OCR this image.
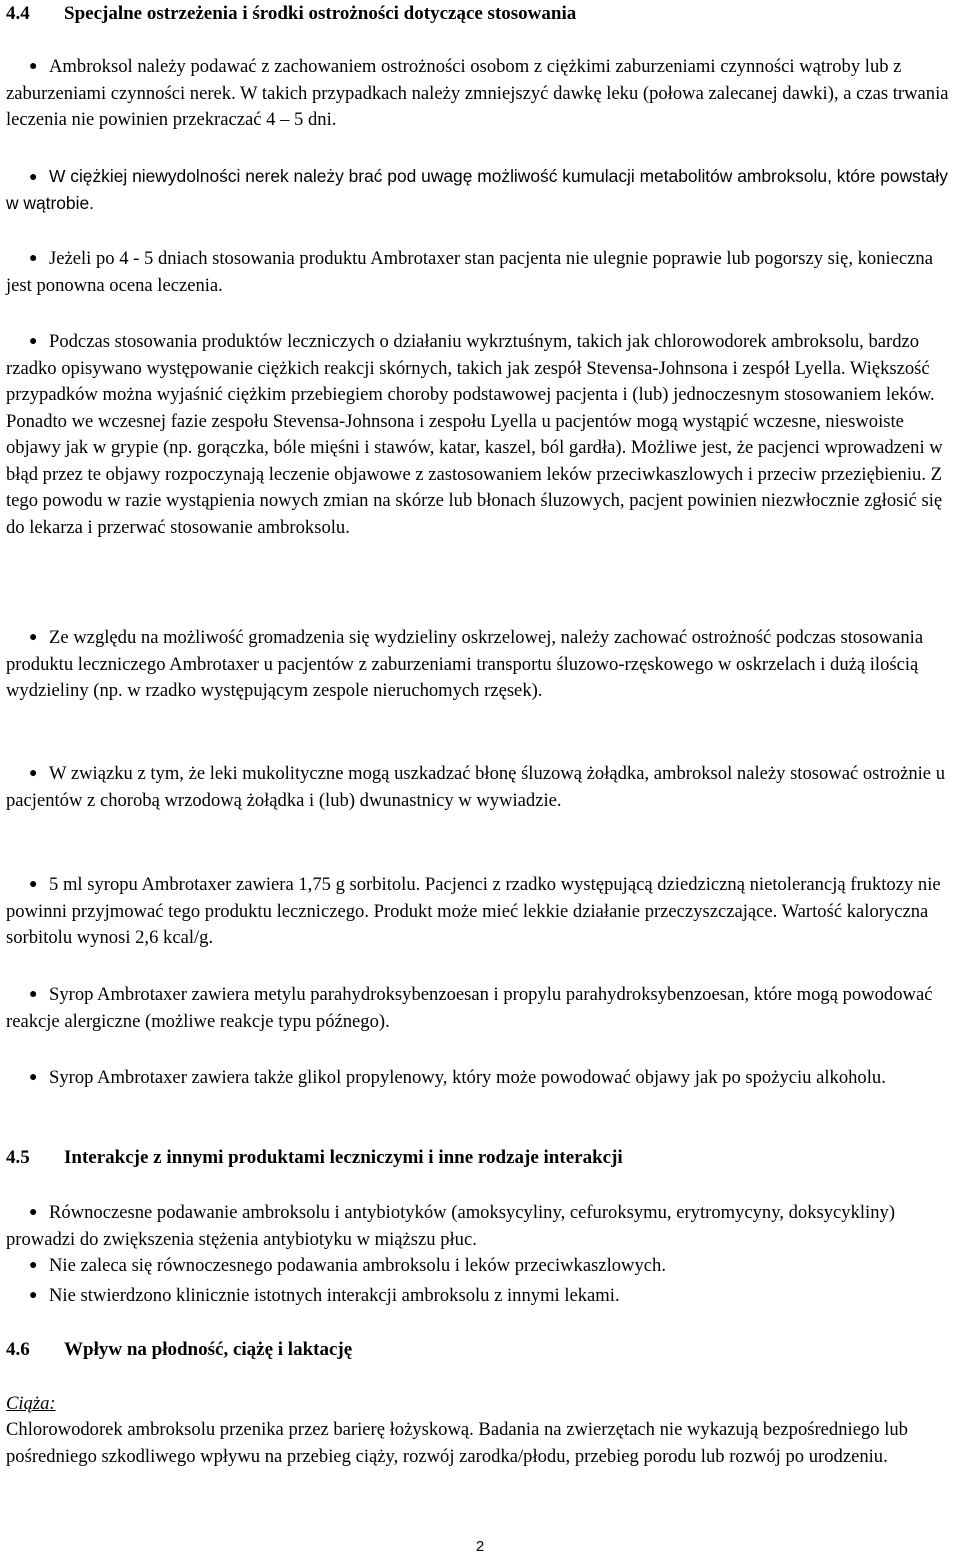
4.4 Specjalne ostrzeżenia i środki ostrożności dotyczące stosowania
● Ambroksol należy podawać z zachowaniem ostrożności osobom z ciężkimi zaburzeniami czynności wątroby lub z zaburzeniami czynności nerek. W takich przypadkach należy zmniejszyć dawkę leku (połowa zalecanej dawki), a czas trwania leczenia nie powinien przekraczać 4 – 5 dni.

● W ciężkiej niewydolności nerek należy brać pod uwagę możliwość kumulacji metabolitów ambroksolu, które powstały w wątrobie.

● Jeżeli po 4 - 5 dniach stosowania produktu Ambrotaxer stan pacjenta nie ulegnie poprawie lub pogorszy się, konieczna jest ponowna ocena leczenia.

● Podczas stosowania produktów leczniczych o działaniu wykrztuśnym, takich jak chlorowodorek ambroksolu, bardzo rzadko opisywano występowanie ciężkich reakcji skórnych, takich jak zespół Stevensa-Johnsona i zespół Lyella. Większość przypadków można wyjaśnić ciężkim przebiegiem choroby podstawowej pacjenta i (lub) jednoczesnym stosowaniem leków. Ponadto we wczesnej fazie zespołu Stevensa-Johnsona i zespołu Lyella u pacjentów mogą wystąpić wczesne, nieswoiste objawy jak w grypie (np. gorączka, bóle mięśni i stawów, katar, kaszel, ból gardła). Możliwe jest, że pacjenci wprowadzeni w błąd przez te objawy rozpoczynają leczenie objawowe z zastosowaniem leków przeciwkaszlowych i przeciw przeziębieniu. Z tego powodu w razie wystąpienia nowych zmian na skórze lub błonach śluzowych, pacjent powinien niezwłocznie zgłosić się do lekarza i przerwać stosowanie ambroksolu.

● Ze względu na możliwość gromadzenia się wydzieliny oskrzelowej, należy zachować ostrożność podczas stosowania produktu leczniczego Ambrotaxer u pacjentów z zaburzeniami transportu śluzowo-rzęskowego w oskrzelach i dużą ilością wydzieliny (np. w rzadko występującym zespole nieruchomych rzęsek).

● W związku z tym, że leki mukolityczne mogą uszkadzać błonę śluzową żołądka, ambroksol należy stosować ostrożnie u pacjentów z chorobą wrzodową żołądka i (lub) dwunastnicy w wywiadzie.

● 5 ml syropu Ambrotaxer zawiera 1,75 g sorbitolu. Pacjenci z rzadko występującą dziedziczną nietolerancją fruktozy nie powinni przyjmować tego produktu leczniczego. Produkt może mieć lekkie działanie przeczyszczające. Wartość kaloryczna sorbitolu wynosi 2,6 kcal/g.

● Syrop Ambrotaxer zawiera metylu parahydroksybenzoesan i propylu parahydroksybenzoesan, które mogą powodować reakcje alergiczne (możliwe reakcje typu późnego).

● Syrop Ambrotaxer zawiera także glikol propylenowy, który może powodować objawy jak po spożyciu alkoholu.

4.5 Interakcje z innymi produktami leczniczymi i inne rodzaje interakcji
● Równoczesne podawanie ambroksolu i antybiotyków (amoksycyliny, cefuroksymu, erytromycyny, doksycykliny) prowadzi do zwiększenia stężenia antybiotyku w miąższu płuc.

● Nie zaleca się równoczesnego podawania ambroksolu i leków przeciwkaszlowych.

● Nie stwierdzono klinicznie istotnych interakcji ambroksolu z innymi lekami.

4.6 Wpływ na płodność, ciążę i laktację
Ciąża:

Chlorowodorek ambroksolu przenika przez barierę łożyskową. Badania na zwierzętach nie wykazują bezpośredniego lub pośredniego szkodliwego wpływu na przebieg ciąży, rozwój zarodka/płodu, przebieg porodu lub rozwój po urodzeniu.

2
